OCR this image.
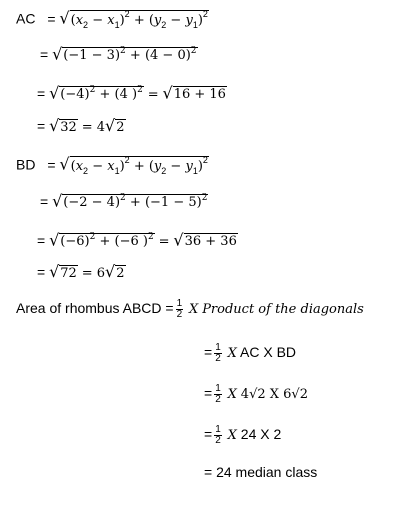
AC = $√(x_2 - x_1)^2 + (y_2 - y_1)^2$
= $√(-1 - 3)^2 + (4 - 0)^2$
= $√(-4)^2 + (4$ )$^2$ = √16 + 16
= √32 = 4√2
BD = $√(x_2 - x_1)^2 + (y_2 - y_1)^2$
= $√(-2 - 4)^2 + (-1 - 5)^2$
= $√(-6)^2 + (-6$ )$^2$ = √36 + 36
= √72 = 6√2
Area of rhombus ABCD = $\frac{1}{2}$ X Product of the diagonals
= $\frac{1}{2}$ X AC X BD
= $\frac{1}{2}$ X 4√2 X 6√2
= $\frac{1}{2}$ X 24 X 2
= 24 median class
